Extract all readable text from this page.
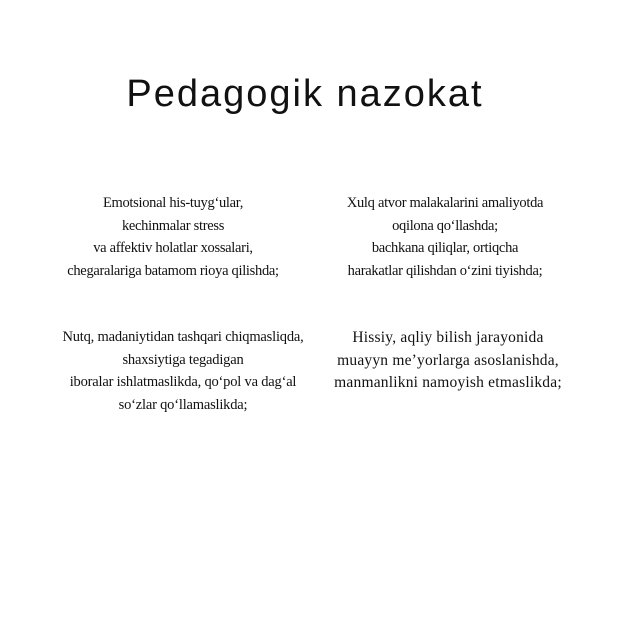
Pedagogik nazokat
Emotsional his-tuyg‘ular,
kechinmalar stress
va affektiv holatlar xossalari,
chegaralariga batamom rioya qilishda;
Xulq atvor malakalarini amaliyotda
oqilona qo‘llashda;
bachkana qiliqlar, ortiqcha
harakatlar qilishdan o‘zini tiyishda;
Nutq, madaniytidan tashqari chiqmasliqda,
shaxsiytiga tegadigan
iboralar ishlatmaslikda, qo‘pol va dag‘al
so‘zlar qo‘llamaslikda;
Hissiy, aqliy bilish jarayonida
muayyn me’yorlarga asoslanishda,
manmanlikni namoyish etmaslikda;
